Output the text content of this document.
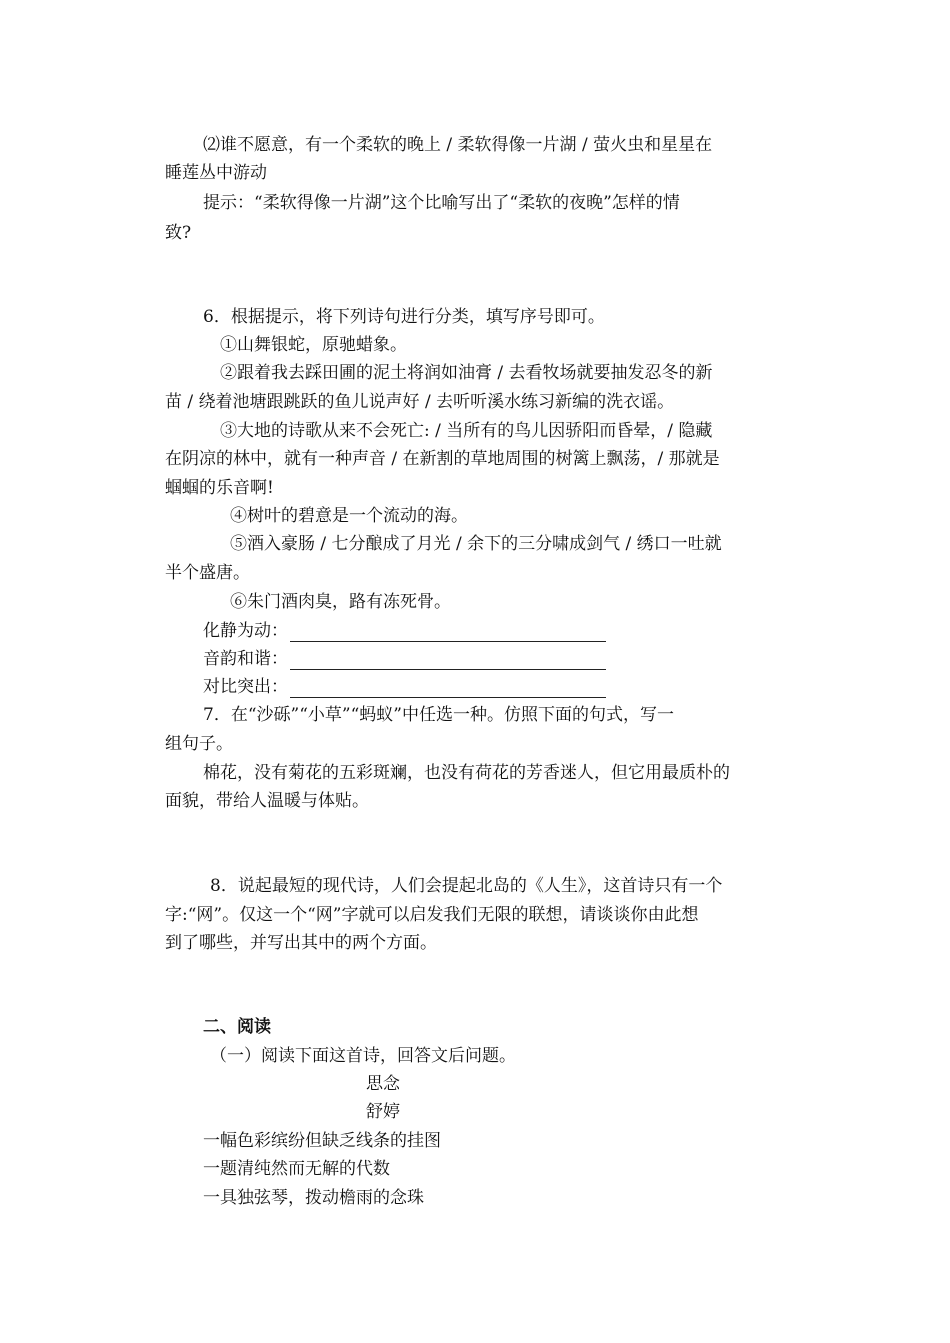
⑵谁不愿意，有一个柔软的晚上 / 柔软得像一片湖 / 萤火虫和星星在
睡莲丛中游动
提示：“柔软得像一片湖”这个比喻写出了“柔软的夜晚”怎样的情
致?
6．根据提示，将下列诗句进行分类，填写序号即可。
①山舞银蛇，原驰蜡象。
②跟着我去踩田圃的泥土将润如油膏 / 去看牧场就要抽发忍冬的新
苗 / 绕着池塘跟跳跃的鱼儿说声好 / 去听听溪水练习新编的洗衣谣。
③大地的诗歌从来不会死亡: / 当所有的鸟儿因骄阳而昏晕，/ 隐藏
在阴凉的林中，就有一种声音 / 在新割的草地周围的树篱上飘荡，/ 那就是
蝈蝈的乐音啊!
④树叶的碧意是一个流动的海。
⑤酒入豪肠 / 七分酿成了月光 / 余下的三分啸成剑气 / 绣口一吐就
半个盛唐。
⑥朱门酒肉臭，路有冻死骨。
化静为动：
音韵和谐：
对比突出：
7．在“沙砾”“小草”“蚂蚁”中任选一种。仿照下面的句式，写一
组句子。
棉花，没有菊花的五彩斑斓，也没有荷花的芳香迷人，但它用最质朴的
面貌，带给人温暖与体贴。
8．说起最短的现代诗，人们会提起北岛的《人生》，这首诗只有一个
字:“网”。仅这一个“网”字就可以启发我们无限的联想，请谈谈你由此想
到了哪些，并写出其中的两个方面。
二、阅读
（一）阅读下面这首诗，回答文后问题。
思念
舒婷
一幅色彩缤纷但缺乏线条的挂图
一题清纯然而无解的代数
一具独弦琴，拨动檐雨的念珠
